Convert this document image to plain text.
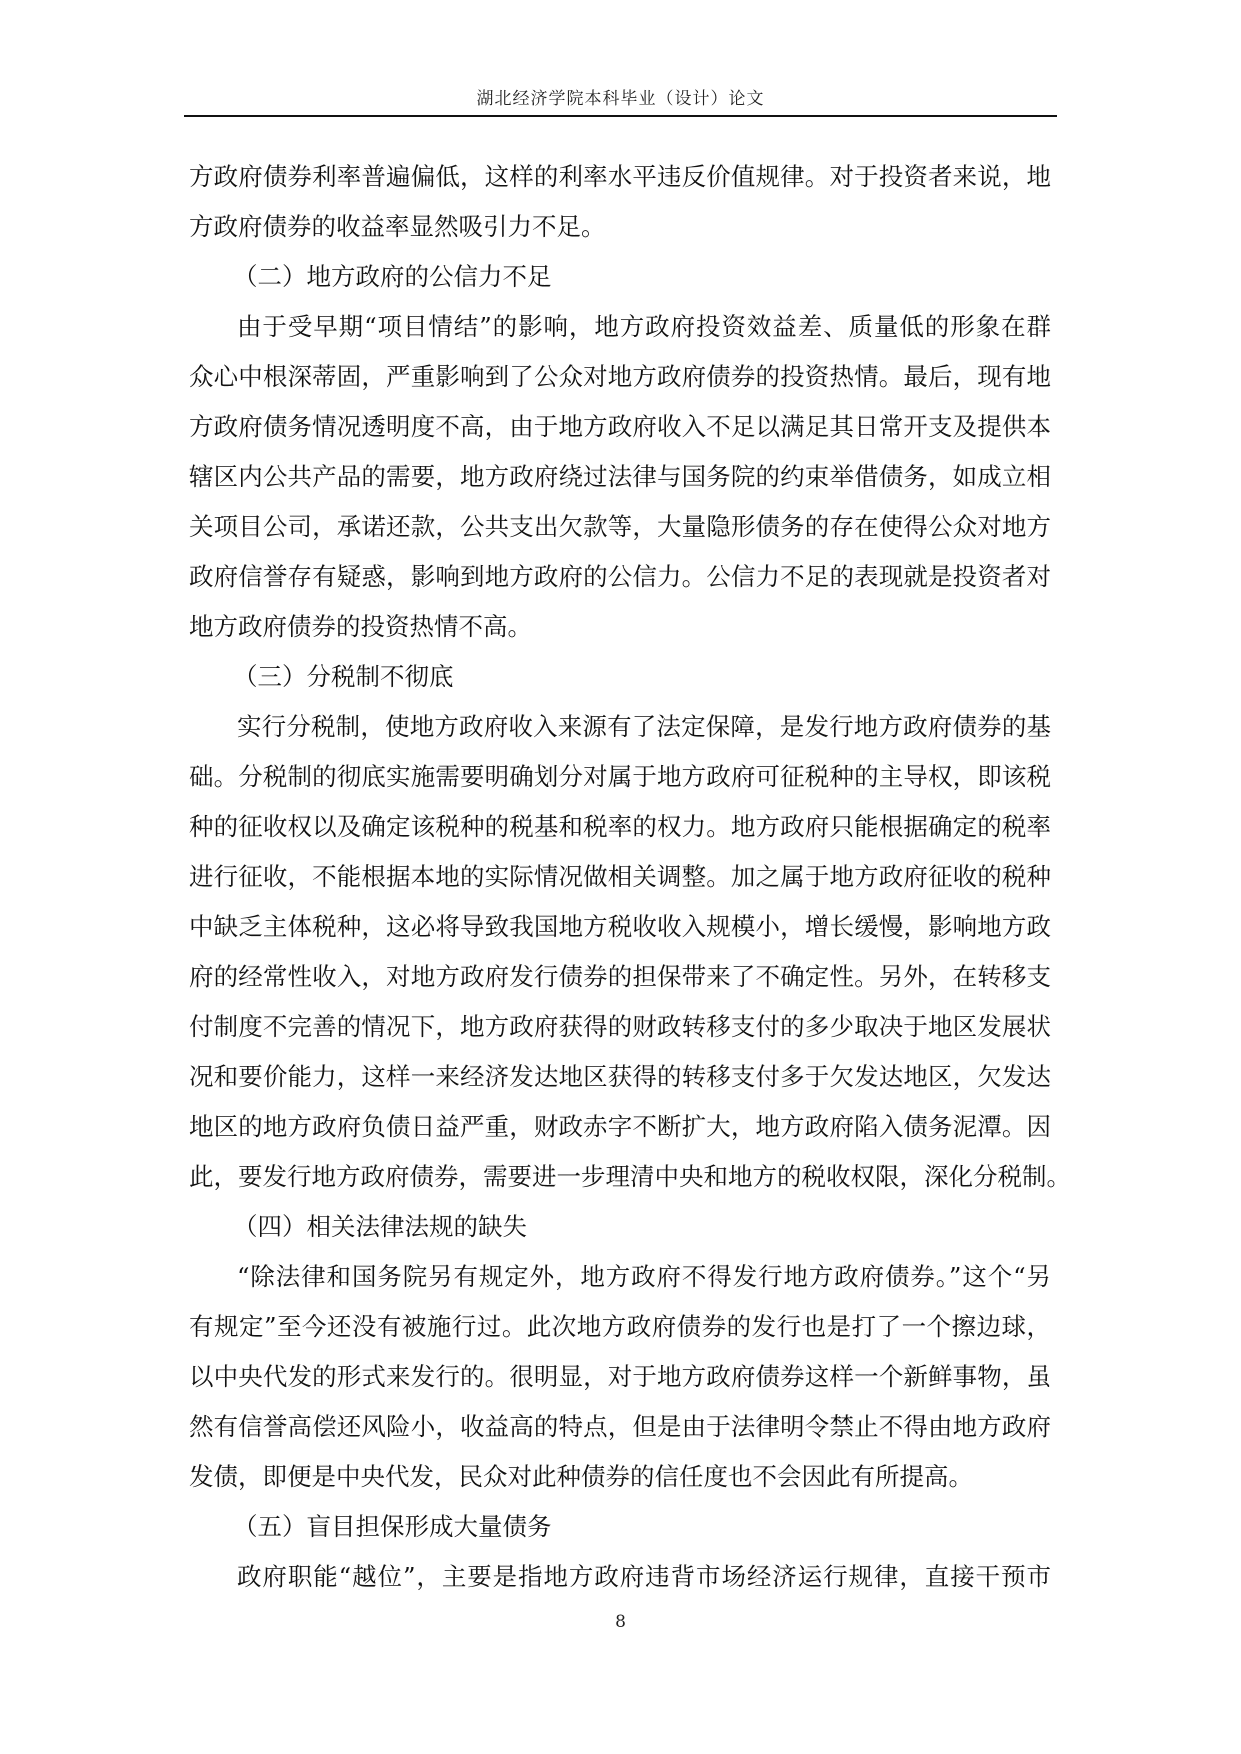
湖北经济学院本科毕业（设计）论文
方政府债券利率普遍偏低，这样的利率水平违反价值规律。对于投资者来说，地
方政府债券的收益率显然吸引力不足。
（二）地方政府的公信力不足
由于受早期“项目情结”的影响，地方政府投资效益差、质量低的形象在群
众心中根深蒂固，严重影响到了公众对地方政府债券的投资热情。最后，现有地
方政府债务情况透明度不高，由于地方政府收入不足以满足其日常开支及提供本
辖区内公共产品的需要，地方政府绕过法律与国务院的约束举借债务，如成立相
关项目公司，承诺还款，公共支出欠款等，大量隐形债务的存在使得公众对地方
政府信誉存有疑惑，影响到地方政府的公信力。公信力不足的表现就是投资者对
地方政府债券的投资热情不高。
（三）分税制不彻底
实行分税制，使地方政府收入来源有了法定保障，是发行地方政府债券的基
础。分税制的彻底实施需要明确划分对属于地方政府可征税种的主导权，即该税
种的征收权以及确定该税种的税基和税率的权力。地方政府只能根据确定的税率
进行征收，不能根据本地的实际情况做相关调整。加之属于地方政府征收的税种
中缺乏主体税种，这必将导致我国地方税收收入规模小，增长缓慢，影响地方政
府的经常性收入，对地方政府发行债券的担保带来了不确定性。另外，在转移支
付制度不完善的情况下，地方政府获得的财政转移支付的多少取决于地区发展状
况和要价能力，这样一来经济发达地区获得的转移支付多于欠发达地区，欠发达
地区的地方政府负债日益严重，财政赤字不断扩大，地方政府陷入债务泥潭。因
此，要发行地方政府债券，需要进一步理清中央和地方的税收权限，深化分税制。
（四）相关法律法规的缺失
“除法律和国务院另有规定外，地方政府不得发行地方政府债券。”这个“另
有规定”至今还没有被施行过。此次地方政府债券的发行也是打了一个擦边球，
以中央代发的形式来发行的。很明显，对于地方政府债券这样一个新鲜事物，虽
然有信誉高偿还风险小，收益高的特点，但是由于法律明令禁止不得由地方政府
发债，即便是中央代发，民众对此种债券的信任度也不会因此有所提高。
（五）盲目担保形成大量债务
政府职能“越位”，主要是指地方政府违背市场经济运行规律，直接干预市
8
